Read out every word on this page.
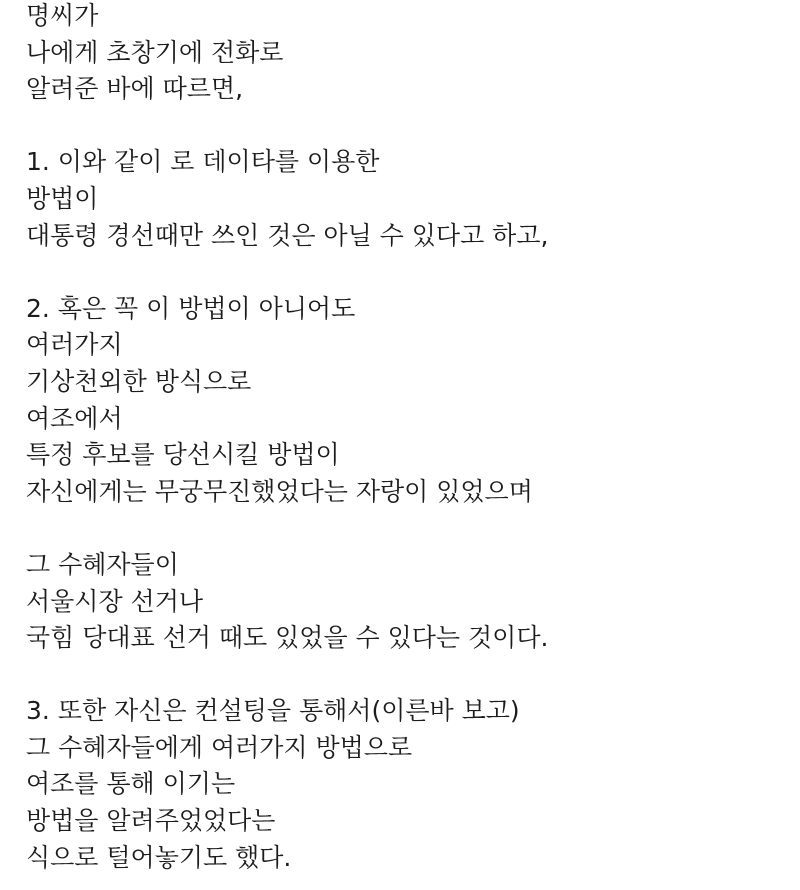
명씨가
나에게 초창기에 전화로
알려준 바에 따르면,
1. 이와 같이 로 데이타를 이용한
방법이
대통령 경선때만 쓰인 것은 아닐 수 있다고 하고,
2. 혹은 꼭 이 방법이 아니어도
여러가지
기상천외한 방식으로
여조에서
특정 후보를 당선시킬 방법이
자신에게는 무궁무진했었다는 자랑이 있었으며
그 수혜자들이
서울시장 선거나
국힘 당대표 선거 때도 있었을 수 있다는 것이다.
3. 또한 자신은 컨설팅을 통해서(이른바 보고)
그 수혜자들에게 여러가지 방법으로
여조를 통해 이기는
방법을 알려주었었다는
식으로 털어놓기도 했다.
